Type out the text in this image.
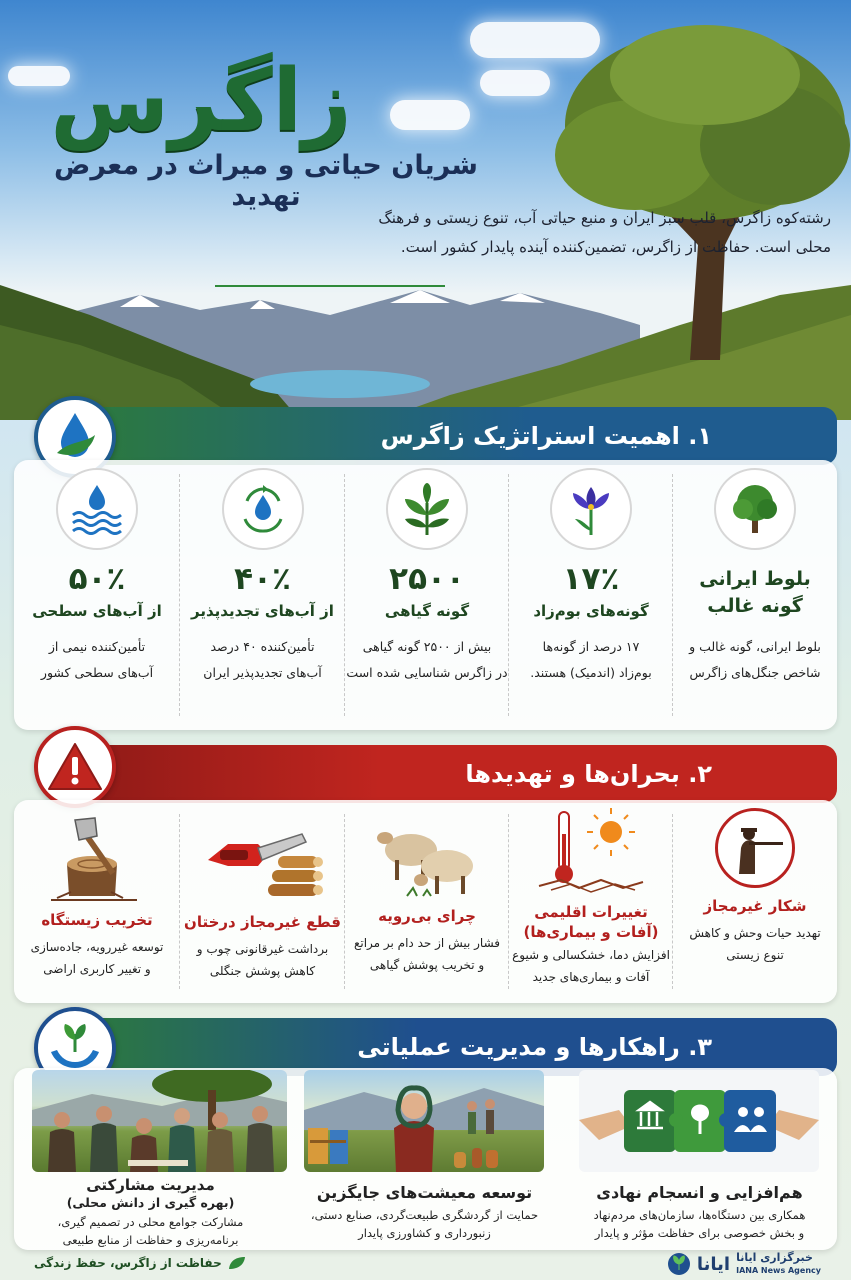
زاگرس
شریان حیاتی و میراث در معرض تهدید
رشته‌کوه زاگرس، قلب سبز ایران و منبع حیاتی آب، تنوع زیستی و فرهنگ
محلی است. حفاظت از زاگرس، تضمین‌کننده آینده پایدار کشور است.
۱. اهمیت استراتژیک زاگرس
بلوط ایرانی
گونه غالب
بلوط ایرانی، گونه غالب و
شاخص جنگل‌های زاگرس
۱۷٪
گونه‌های بوم‌زاد
۱۷ درصد از گونه‌ها
بوم‌زاد (اندمیک) هستند.
۲۵۰۰
گونه گیاهی
بیش از ۲۵۰۰ گونه گیاهی
در زاگرس شناسایی شده است
۴۰٪
از آب‌های تجدیدپذیر
تأمین‌کننده ۴۰ درصد
آب‌های تجدیدپذیر ایران
۵۰٪
از آب‌های سطحی
تأمین‌کننده نیمی از
آب‌های سطحی کشور
۲. بحران‌ها و تهدیدها
شکار غیرمجاز
تهدید حیات وحش و کاهش
تنوع زیستی
تغییرات اقلیمی
(آفات و بیماری‌ها)
افزایش دما، خشکسالی و شیوع
آفات و بیماری‌های جدید
چرای بی‌رویه
فشار بیش از حد دام بر مراتع
و تخریب پوشش گیاهی
قطع غیرمجاز درختان
برداشت غیرقانونی چوب و
کاهش پوشش جنگلی
تخریب زیستگاه
توسعه غیررویه، جاده‌سازی
و تغییر کاربری اراضی
۳. راهکارها و مدیریت عملیاتی
هم‌افزایی و انسجام نهادی
همکاری بین دستگاه‌ها، سازمان‌های مردم‌نهاد
و بخش خصوصی برای حفاظت مؤثر و پایدار
توسعه معیشت‌های جایگزین
حمایت از گردشگری طبیعت‌گردی، صنایع دستی،
زنبورداری و کشاورزی پایدار
مدیریت مشارکتی
(بهره گیری از دانش محلی)
مشارکت جوامع محلی در تصمیم گیری،
برنامه‌ریزی و حفاظت از منابع طبیعی
خبرگزاری ایانا
IANA News Agency
ایانا
حفاظت از زاگرس، حفظ زندگی
